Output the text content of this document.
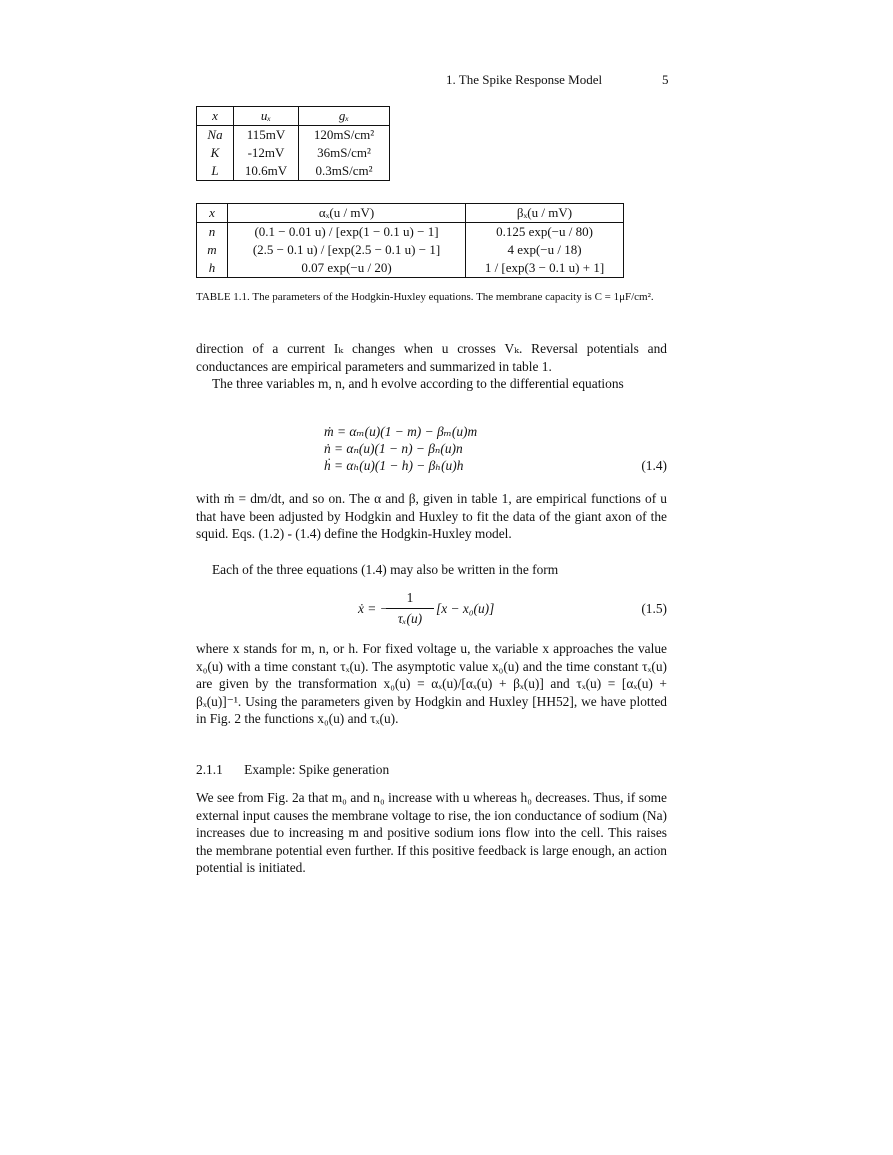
1. The Spike Response Model	5
x	uₓ	gₓ
Na	115mV	120mS/cm²
K	-12mV	36mS/cm²
L	10.6mV	0.3mS/cm²
x	αₓ(u / mV)	βₓ(u / mV)
n	(0.1 − 0.01 u) / [exp(1 − 0.1 u) − 1]	0.125 exp(−u / 80)
m	(2.5 − 0.1 u) / [exp(2.5 − 0.1 u) − 1]	4 exp(−u / 18)
h	0.07 exp(−u / 20)	1 / [exp(3 − 0.1 u) + 1]
TABLE 1.1. The parameters of the Hodgkin-Huxley equations. The membrane capacity is C = 1μF/cm².
direction of a current Iₖ changes when u crosses Vₖ. Reversal potentials and conductances are empirical parameters and summarized in table 1.
The three variables m, n, and h evolve according to the differential equations
ṁ = αₘ(u)(1 − m) − βₘ(u)m
ṅ = αₙ(u)(1 − n) − βₙ(u)n
ḣ = αₕ(u)(1 − h) − βₕ(u)h	(1.4)
with ṁ = dm/dt, and so on. The α and β, given in table 1, are empirical functions of u that have been adjusted by Hodgkin and Huxley to fit the data of the giant axon of the squid. Eqs. (1.2) - (1.4) define the Hodgkin-Huxley model.
Each of the three equations (1.4) may also be written in the form
ẋ = −
1
τₓ(u)
[x − x₀(u)]	(1.5)
where x stands for m, n, or h. For fixed voltage u, the variable x approaches the value x₀(u) with a time constant τₓ(u). The asymptotic value x₀(u) and the time constant τₓ(u) are given by the transformation x₀(u) = αₓ(u)/[αₓ(u) + βₓ(u)] and τₓ(u) = [αₓ(u) + βₓ(u)]⁻¹. Using the parameters given by Hodgkin and Huxley [HH52], we have plotted in Fig. 2 the functions x₀(u) and τₓ(u).
2.1.1 Example: Spike generation
We see from Fig. 2a that m₀ and n₀ increase with u whereas h₀ decreases. Thus, if some external input causes the membrane voltage to rise, the ion conductance of sodium (Na) increases due to increasing m and positive sodium ions flow into the cell. This raises the membrane potential even further. If this positive feedback is large enough, an action potential is initiated.
